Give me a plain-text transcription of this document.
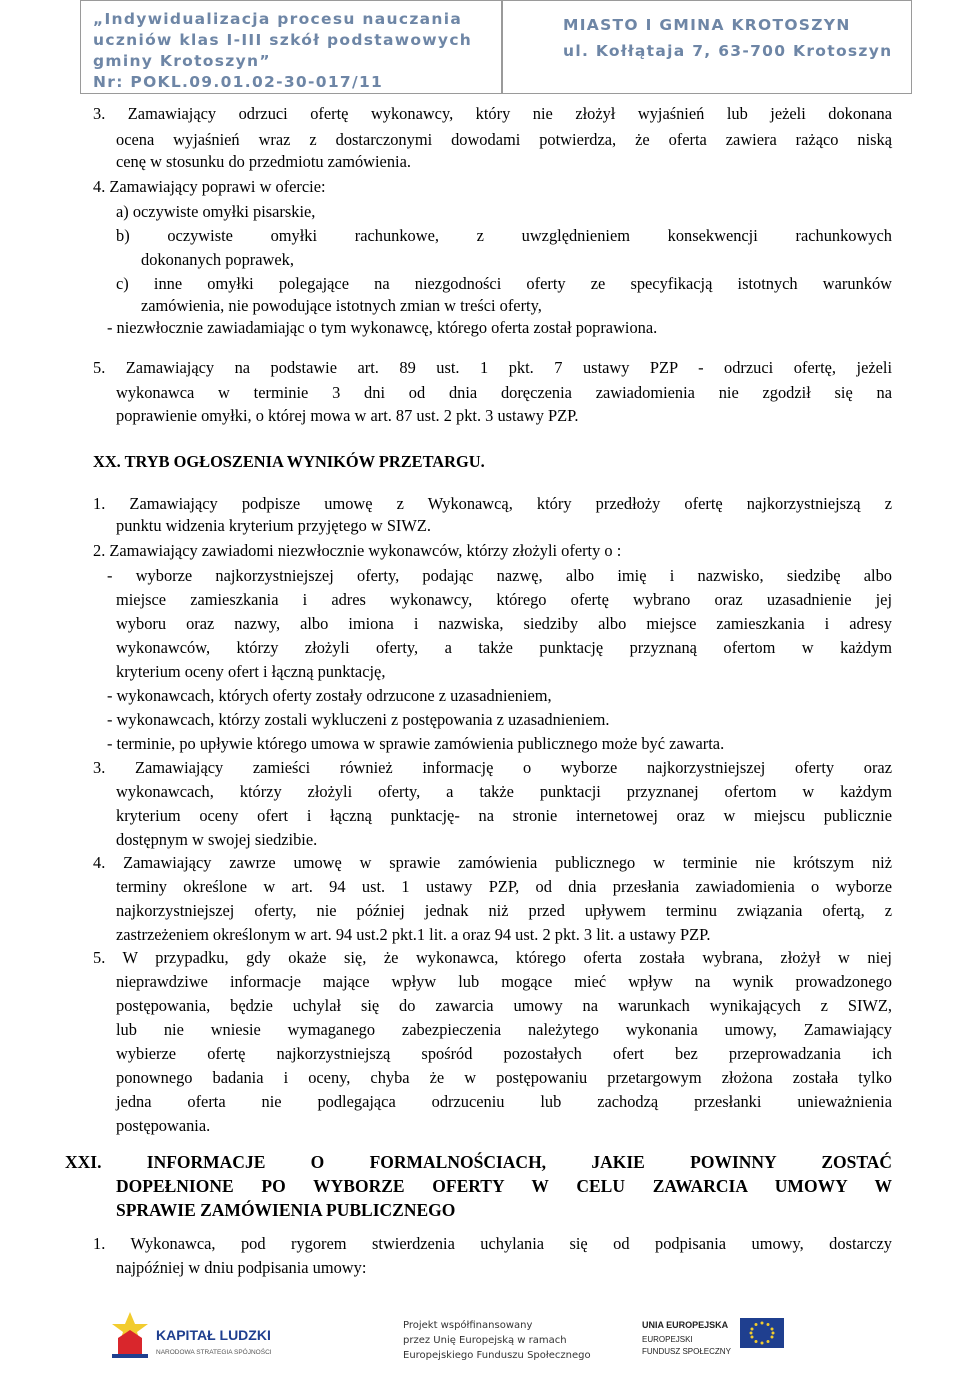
„Indywidualizacja procesu nauczania
uczniów klas I-III szkół podstawowych
gminy Krotoszyn”
Nr: POKL.09.01.02-30-017/11
MIASTO I GMINA KROTOSZYN
ul. Kołłątaja 7, 63-700 Krotoszyn
3. Zamawiający odrzuci ofertę wykonawcy, który nie złożył wyjaśnień lub jeżeli dokonana
ocena wyjaśnień wraz z dostarczonymi dowodami potwierdza, że oferta zawiera rażąco niską
cenę w stosunku do przedmiotu zamówienia.
4. Zamawiający poprawi w ofercie:
a) oczywiste omyłki pisarskie,
b) oczywiste omyłki rachunkowe, z uwzględnieniem konsekwencji rachunkowych
dokonanych poprawek,
c) inne omyłki polegające na niezgodności oferty ze specyfikacją istotnych warunków
zamówienia, nie powodujące istotnych zmian w treści oferty,
- niezwłocznie zawiadamiając o tym wykonawcę, którego oferta został poprawiona.
5. Zamawiający na podstawie art. 89 ust. 1 pkt. 7 ustawy PZP - odrzuci ofertę, jeżeli
wykonawca w terminie 3 dni od dnia doręczenia zawiadomienia nie zgodził się na
poprawienie omyłki, o której mowa w art. 87 ust. 2 pkt. 3 ustawy PZP.
XX. TRYB OGŁOSZENIA WYNIKÓW PRZETARGU.
1. Zamawiający podpisze umowę z Wykonawcą, który przedłoży ofertę najkorzystniejszą z
punktu widzenia kryterium przyjętego w SIWZ.
2. Zamawiający zawiadomi niezwłocznie wykonawców, którzy złożyli oferty o :
- wyborze najkorzystniejszej oferty, podając nazwę, albo imię i nazwisko, siedzibę albo
miejsce zamieszkania i adres wykonawcy, którego ofertę wybrano oraz uzasadnienie jej
wyboru oraz nazwy, albo imiona i nazwiska, siedziby albo miejsce zamieszkania i adresy
wykonawców, którzy złożyli oferty, a także punktację przyznaną ofertom w każdym
kryterium oceny ofert i łączną punktację,
- wykonawcach, których oferty zostały odrzucone z uzasadnieniem,
- wykonawcach, którzy zostali wykluczeni z postępowania z uzasadnieniem.
- terminie, po upływie którego umowa w sprawie zamówienia publicznego może być zawarta.
3. Zamawiający zamieści również informację o wyborze najkorzystniejszej oferty oraz
wykonawcach, którzy złożyli oferty, a także punktacji przyznanej ofertom w każdym
kryterium oceny ofert i łączną punktację- na stronie internetowej oraz w miejscu publicznie
dostępnym w swojej siedzibie.
4. Zamawiający zawrze umowę w sprawie zamówienia publicznego w terminie nie krótszym niż
terminy określone w art. 94 ust. 1 ustawy PZP, od dnia przesłania zawiadomienia o wyborze
najkorzystniejszej oferty, nie później jednak niż przed upływem terminu związania ofertą, z
zastrzeżeniem określonym w art. 94 ust.2 pkt.1 lit. a oraz 94 ust. 2 pkt. 3 lit. a ustawy PZP.
5. W przypadku, gdy okaże się, że wykonawca, którego oferta została wybrana, złożył w niej
nieprawdziwe informacje mające wpływ lub mogące mieć wpływ na wynik prowadzonego
postępowania, będzie uchylał się do zawarcia umowy na warunkach wynikających z SIWZ,
lub nie wniesie wymaganego zabezpieczenia należytego wykonania umowy, Zamawiający
wybierze ofertę najkorzystniejszą spośród pozostałych ofert bez przeprowadzania ich
ponownego badania i oceny, chyba że w postępowaniu przetargowym złożona została tylko
jedna oferta nie podlegająca odrzuceniu lub zachodzą przesłanki unieważnienia
postępowania.
XXI. INFORMACJE O FORMALNOŚCIACH, JAKIE POWINNY ZOSTAĆ
DOPEŁNIONE PO WYBORZE OFERTY W CELU ZAWARCIA UMOWY W
SPRAWIE ZAMÓWIENIA PUBLICZNEGO
1. Wykonawca, pod rygorem stwierdzenia uchylania się od podpisania umowy, dostarczy
najpóźniej w dniu podpisania umowy:
KAPITAŁ LUDZKI
NARODOWA STRATEGIA SPÓJNOŚCI
Projekt współfinansowany
przez Unię Europejską w ramach
Europejskiego Funduszu Społecznego
UNIA EUROPEJSKA
EUROPEJSKI
FUNDUSZ SPOŁECZNY
